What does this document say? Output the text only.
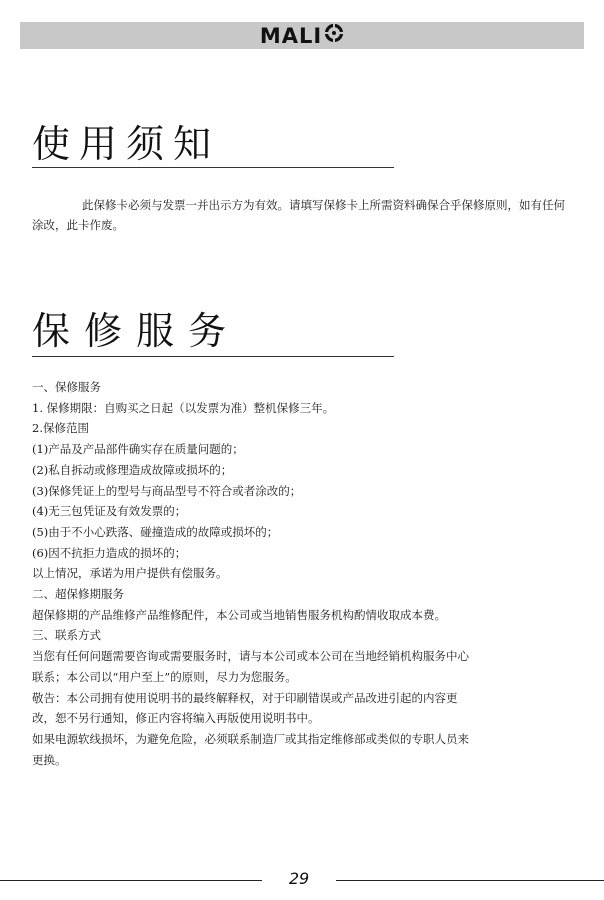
MALI
使用须知

此保修卡必须与发票一并出示方为有效。请填写保修卡上所需资料确保合乎保修原则，如有任何涂改，此卡作废。

保修服务
一、保修服务
1. 保修期限：自购买之日起（以发票为准）整机保修三年。
2.保修范围
(1)产品及产品部件确实存在质量问题的；
(2)私自拆动或修理造成故障或损坏的；
(3)保修凭证上的型号与商品型号不符合或者涂改的；
(4)无三包凭证及有效发票的；
(5)由于不小心跌落、碰撞造成的故障或损坏的；
(6)因不抗拒力造成的损坏的；
以上情况，承诺为用户提供有偿服务。
二、超保修期服务
超保修期的产品维修产品维修配件，本公司或当地销售服务机构酌情收取成本费。
三、联系方式
当您有任何问题需要咨询或需要服务时，请与本公司或本公司在当地经销机构服务中心
联系；本公司以“用户至上”的原则，尽力为您服务。
敬告：本公司拥有使用说明书的最终解释权，对于印刷错误或产品改进引起的内容更
改，恕不另行通知，修正内容将编入再版使用说明书中。
如果电源软线损坏，为避免危险，必须联系制造厂或其指定维修部或类似的专职人员来
更换。
29
